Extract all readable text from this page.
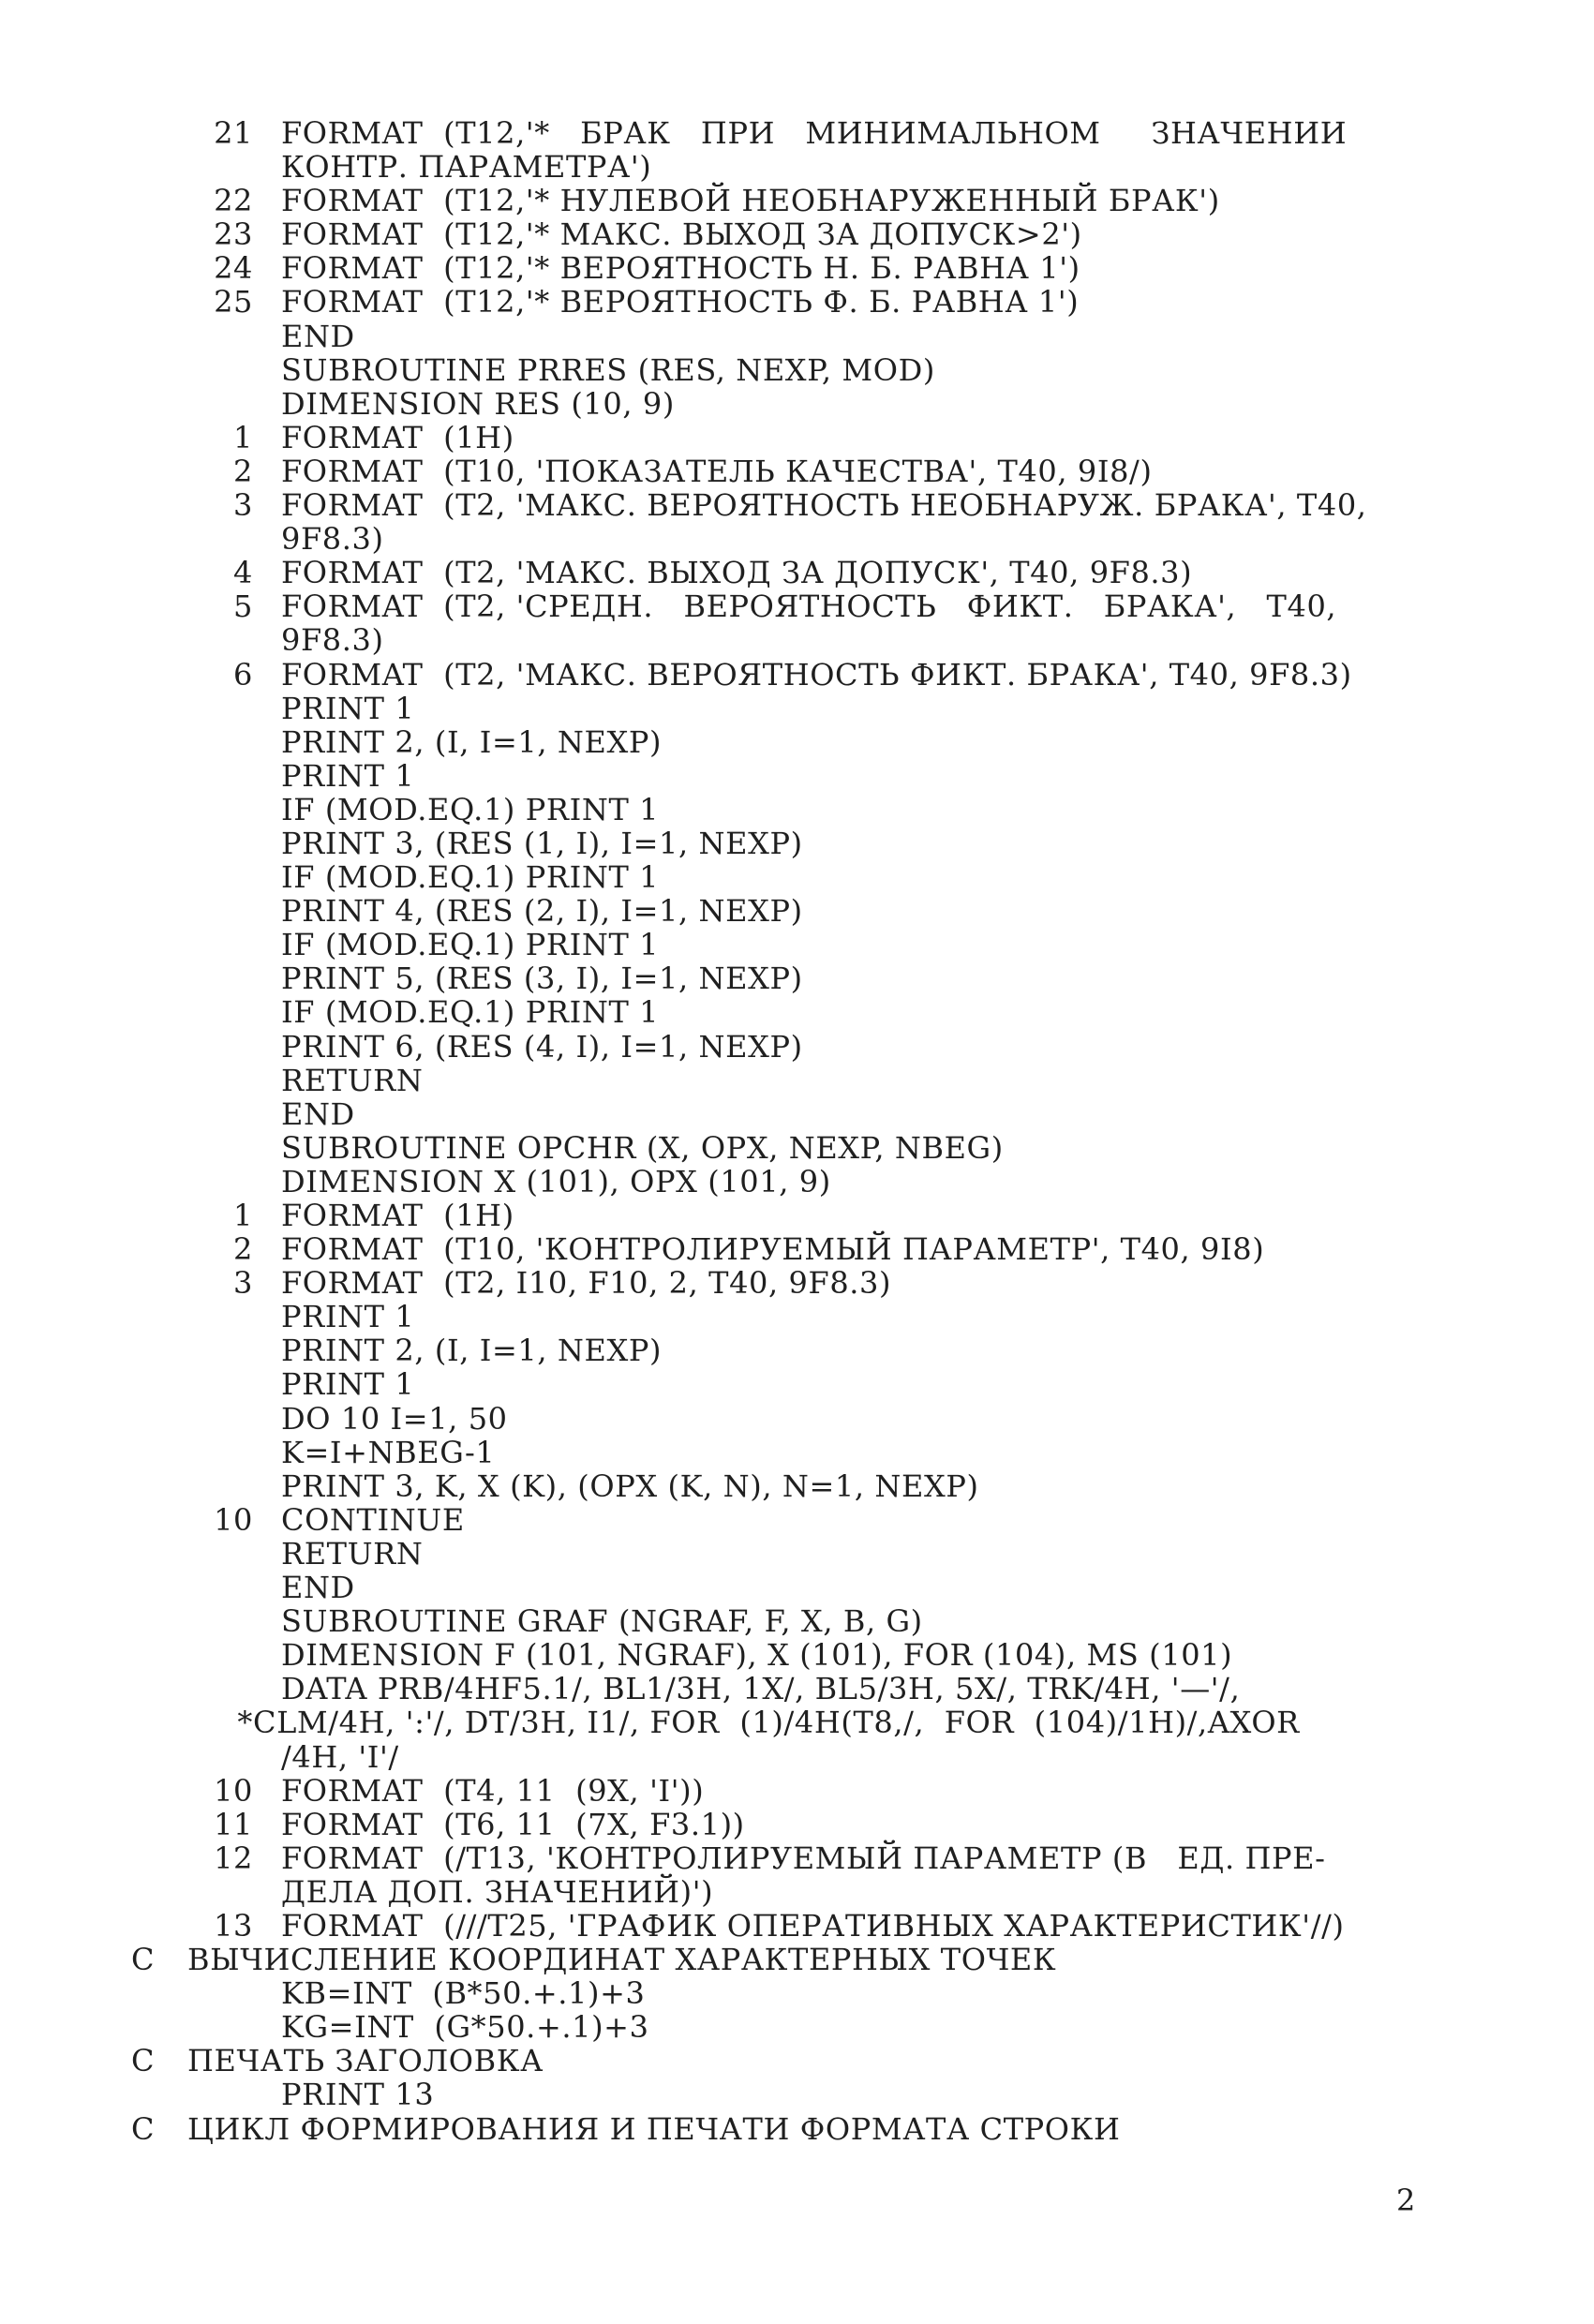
21 FORMAT  (T12,'*   БРАК   ПРИ   МИНИМАЛЬНОМ     ЗНАЧЕНИИ
КОНТР. ПАРАМЕТРА')
22 FORMAT  (T12,'* НУЛЕВОЙ НЕОБНАРУЖЕННЫЙ БРАК')
23 FORMAT  (T12,'* МАКС. ВЫХОД ЗА ДОПУСК>2')
24 FORMAT  (T12,'* ВЕРОЯТНОСТЬ Н. Б. РАВНА 1')
25 FORMAT  (T12,'* ВЕРОЯТНОСТЬ Ф. Б. РАВНА 1')
END
SUBROUTINE PRRES (RES, NEXP, MOD)
DIMENSION RES (10, 9)
1 FORMAT  (1H)
2 FORMAT  (T10, 'ПОКАЗАТЕЛЬ КАЧЕСТВА', T40, 9I8/)
3 FORMAT  (T2, 'МАКС. ВЕРОЯТНОСТЬ НЕОБНАРУЖ. БРАКА', T40,
9F8.3)
4 FORMAT  (T2, 'МАКС. ВЫХОД ЗА ДОПУСК', T40, 9F8.3)
5 FORMAT  (T2, 'СРЕДН.   ВЕРОЯТНОСТЬ   ФИКТ.   БРАКА',   T40,
9F8.3)
6 FORMAT  (T2, 'МАКС. ВЕРОЯТНОСТЬ ФИКТ. БРАКА', T40, 9F8.3)
PRINT 1
PRINT 2, (I, I=1, NEXP)
PRINT 1
IF (MOD.EQ.1) PRINT 1
PRINT 3, (RES (1, I), I=1, NEXP)
IF (MOD.EQ.1) PRINT 1
PRINT 4, (RES (2, I), I=1, NEXP)
IF (MOD.EQ.1) PRINT 1
PRINT 5, (RES (3, I), I=1, NEXP)
IF (MOD.EQ.1) PRINT 1
PRINT 6, (RES (4, I), I=1, NEXP)
RETURN
END
SUBROUTINE OPCHR (X, OPX, NEXP, NBEG)
DIMENSION X (101), OPX (101, 9)
1 FORMAT  (1H)
2 FORMAT  (T10, 'КОНТРОЛИРУЕМЫЙ ПАРАМЕТР', T40, 9I8)
3 FORMAT  (T2, I10, F10, 2, T40, 9F8.3)
PRINT 1
PRINT 2, (I, I=1, NEXP)
PRINT 1
DO 10 I=1, 50
K=I+NBEG-1
PRINT 3, K, X (K), (OPX (K, N), N=1, NEXP)
10 CONTINUE
RETURN
END
SUBROUTINE GRAF (NGRAF, F, X, B, G)
DIMENSION F (101, NGRAF), X (101), FOR (104), MS (101)
DATA PRB/4HF5.1/, BL1/3H, 1X/, BL5/3H, 5X/, TRK/4H, '—'/,
* CLM/4H, ':'/, DT/3H, I1/, FOR  (1)/4H(T8,/,  FOR  (104)/1H)/,AXOR
/4H, 'I'/
10 FORMAT  (T4, 11  (9X, 'I'))
11 FORMAT  (T6, 11  (7X, F3.1))
12 FORMAT  (/T13, 'КОНТРОЛИРУЕМЫЙ ПАРАМЕТР (В   ЕД. ПРЕ-
ДЕЛА ДОП. ЗНАЧЕНИЙ)')
13 FORMAT  (///T25, 'ГРАФИК ОПЕРАТИВНЫХ ХАРАКТЕРИСТИК'//)
C ВЫЧИСЛЕНИЕ КООРДИНАТ ХАРАКТЕРНЫХ ТОЧЕК
KB=INT  (B*50.+.1)+3
KG=INT  (G*50.+.1)+3
C ПЕЧАТЬ ЗАГОЛОВКА
PRINT 13
C ЦИКЛ ФОРМИРОВАНИЯ И ПЕЧАТИ ФОРМАТА СТРОКИ
2
